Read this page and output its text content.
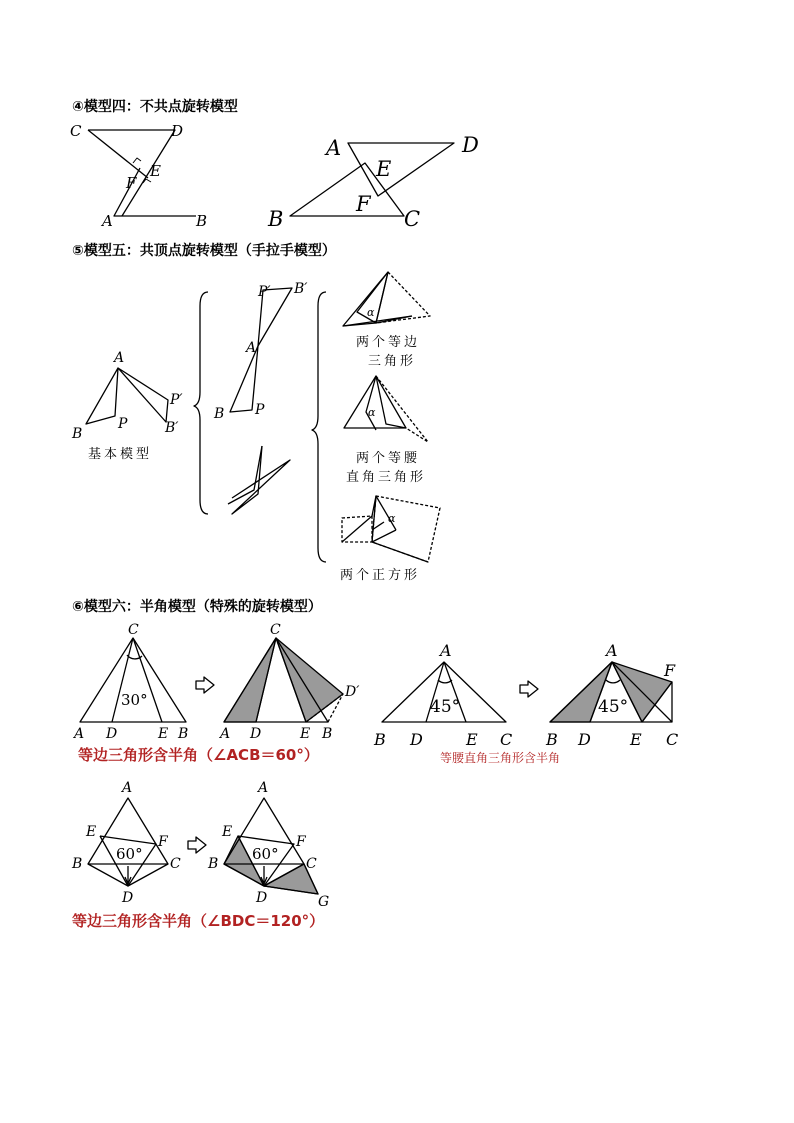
④模型四：不共点旋转模型
⑤模型五：共顶点旋转模型（手拉手模型）
⑥模型六：半角模型（特殊的旋转模型）
基本模型
两个等边
三角形
两个等腰
直角三角形
两个正方形
等边三角形含半角（∠ACB＝60°）	等腰直角三角形含半角
等边三角形含半角（∠BDC＝120°）
C	D
E
F
A	B
A	D
E
F
B	C
A
B
P
P′
B′
P′ B′
A
B P
α
α
α
C
30°
A D	E B
C
D′
A D	E B
A
45°
B D	E C
A
F
45°
B D E C
A
E
F
60°
B	C
D
A
E
F
60°
B	C
D	G
